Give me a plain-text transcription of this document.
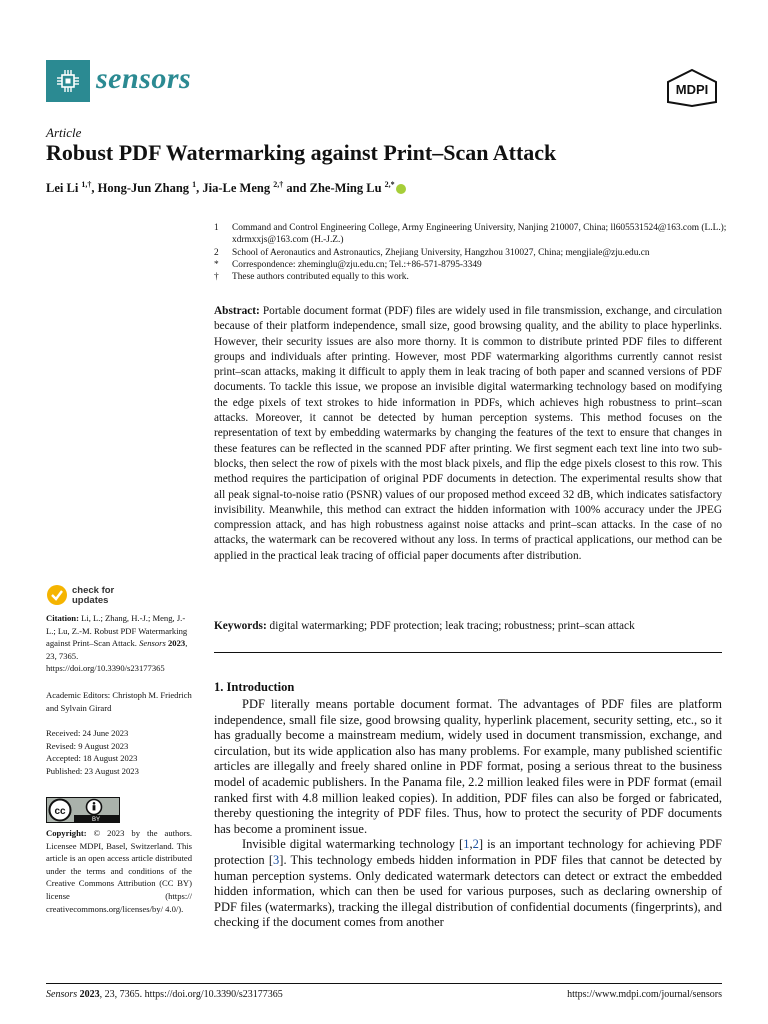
sensors	MDPI
Article
Robust PDF Watermarking against Print–Scan Attack
Lei Li $^{1,\dagger}$, Hong-Jun Zhang $^1$, Jia-Le Meng $^{2,\dagger}$ and Zhe-Ming Lu $^{2,*}$
1	Command and Control Engineering College, Army Engineering University, Nanjing 210007, China; ll605531524@163.com (L.L.); xdrmxxjs@163.com (H.-J.Z.)
2	School of Aeronautics and Astronautics, Zhejiang University, Hangzhou 310027, China; mengjiale@zju.edu.cn
*	Correspondence: zheminglu@zju.edu.cn; Tel.:+86-571-8795-3349
†	These authors contributed equally to this work.
Abstract: Portable document format (PDF) files are widely used in file transmission, exchange, and circulation because of their platform independence, small size, good browsing quality, and the ability to place hyperlinks. However, their security issues are also more thorny. It is common to distribute printed PDF files to different groups and individuals after printing. However, most PDF watermarking algorithms currently cannot resist print–scan attacks, making it difficult to apply them in leak tracing of both paper and scanned versions of PDF documents. To tackle this issue, we propose an invisible digital watermarking technology based on modifying the edge pixels of text strokes to hide information in PDFs, which achieves high robustness to print–scan attacks. Moreover, it cannot be detected by human perception systems. This method focuses on the representation of text by embedding watermarks by changing the features of the text to ensure that changes in these features can be reflected in the scanned PDF after printing. We first segment each text line into two sub-blocks, then select the row of pixels with the most black pixels, and flip the edge pixels closest to this row. This method requires the participation of original PDF documents in detection. The experimental results show that all peak signal-to-noise ratio (PSNR) values of our proposed method exceed 32 dB, which indicates satisfactory invisibility. Meanwhile, this method can extract the hidden information with 100% accuracy under the JPEG compression attack, and has high robustness against noise attacks and print–scan attacks. In the case of no attacks, the watermark can be recovered without any loss. In terms of practical applications, our method can be applied in the practical leak tracing of official paper documents after distribution.
Keywords: digital watermarking; PDF protection; leak tracing; robustness; print–scan attack
1. Introduction

PDF literally means portable document format. The advantages of PDF files are platform independence, small file size, good browsing quality, hyperlink placement, security setting, etc., so it has gradually become a mainstream medium, widely used in document transmission, exchange, and circulation, but its wide application also has many problems. For example, many published scientific articles are illegally and freely shared online in PDF format, posing a serious threat to the business model of academic publishers. In the Panama file, 2.2 million leaked files were in PDF format (email ranked first with 4.8 million leaked copies). In addition, PDF files can also be forged or fabricated, thereby questioning the integrity of PDF files. Thus, how to protect the security of PDF documents has become a prominent issue.

Invisible digital watermarking technology [1,2] is an important technology for achieving PDF protection [3]. This technology embeds hidden information in PDF files that cannot be detected by human perception systems. Only dedicated watermark detectors can detect or extract the embedded hidden information, which can then be used for various purposes, such as declaring ownership of PDF files (watermarks), tracking the illegal distribution of confidential documents (fingerprints), and checking if the document comes from another

check for
updates
Citation: Li, L.; Zhang, H.-J.; Meng, J.-L.; Lu, Z.-M. Robust PDF Watermarking against Print–Scan Attack. Sensors 2023, 23, 7365. https://doi.org/10.3390/s23177365
Academic Editors: Christoph M. Friedrich and Sylvain Girard
Received: 24 June 2023
Revised: 9 August 2023
Accepted: 18 August 2023
Published: 23 August 2023
BY
cc
Copyright: © 2023 by the authors. Licensee MDPI, Basel, Switzerland. This article is an open access article distributed under the terms and conditions of the Creative Commons Attribution (CC BY) license (https:// creativecommons.org/licenses/by/ 4.0/).
Sensors 2023, 23, 7365. https://doi.org/10.3390/s23177365	https://www.mdpi.com/journal/sensors
